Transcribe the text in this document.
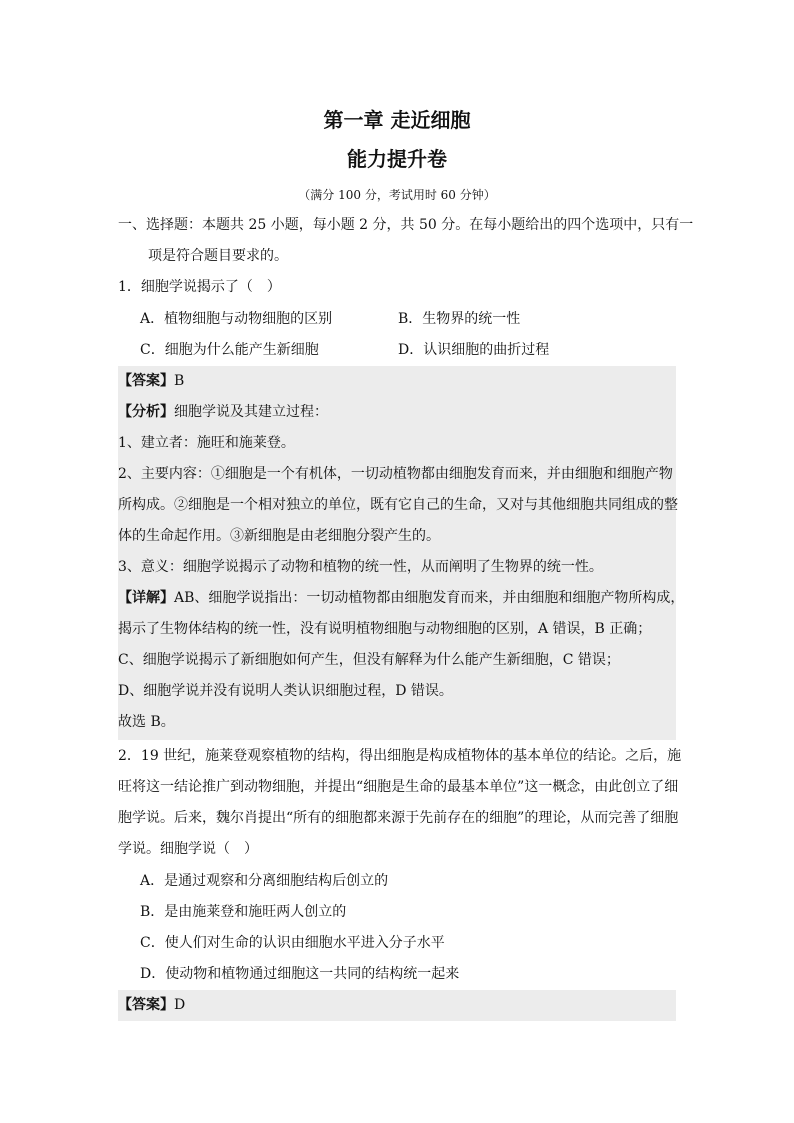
第一章 走近细胞
能力提升卷
（满分 100 分，考试用时 60 分钟）
一、选择题：本题共 25 小题，每小题 2 分，共 50 分。在每小题给出的四个选项中，只有一
项是符合题目要求的。
1．细胞学说揭示了（　）
A．植物细胞与动物细胞的区别	B．生物界的统一性
C．细胞为什么能产生新细胞	D．认识细胞的曲折过程
【答案】B
【分析】细胞学说及其建立过程：
1、建立者：施旺和施莱登。
2、主要内容：①细胞是一个有机体，一切动植物都由细胞发育而来，并由细胞和细胞产物
所构成。②细胞是一个相对独立的单位，既有它自己的生命，又对与其他细胞共同组成的整
体的生命起作用。③新细胞是由老细胞分裂产生的。
3、意义：细胞学说揭示了动物和植物的统一性，从而阐明了生物界的统一性。
【详解】AB、细胞学说指出：一切动植物都由细胞发育而来，并由细胞和细胞产物所构成，
揭示了生物体结构的统一性，没有说明植物细胞与动物细胞的区别，A 错误，B 正确；
C、细胞学说揭示了新细胞如何产生，但没有解释为什么能产生新细胞，C 错误；
D、细胞学说并没有说明人类认识细胞过程，D 错误。
故选 B。
2．19 世纪，施莱登观察植物的结构，得出细胞是构成植物体的基本单位的结论。之后，施
旺将这一结论推广到动物细胞，并提出“细胞是生命的最基本单位”这一概念，由此创立了细
胞学说。后来，魏尔肖提出“所有的细胞都来源于先前存在的细胞”的理论，从而完善了细胞
学说。细胞学说（　）
A．是通过观察和分离细胞结构后创立的
B．是由施莱登和施旺两人创立的
C．使人们对生命的认识由细胞水平进入分子水平
D．使动物和植物通过细胞这一共同的结构统一起来
【答案】D
